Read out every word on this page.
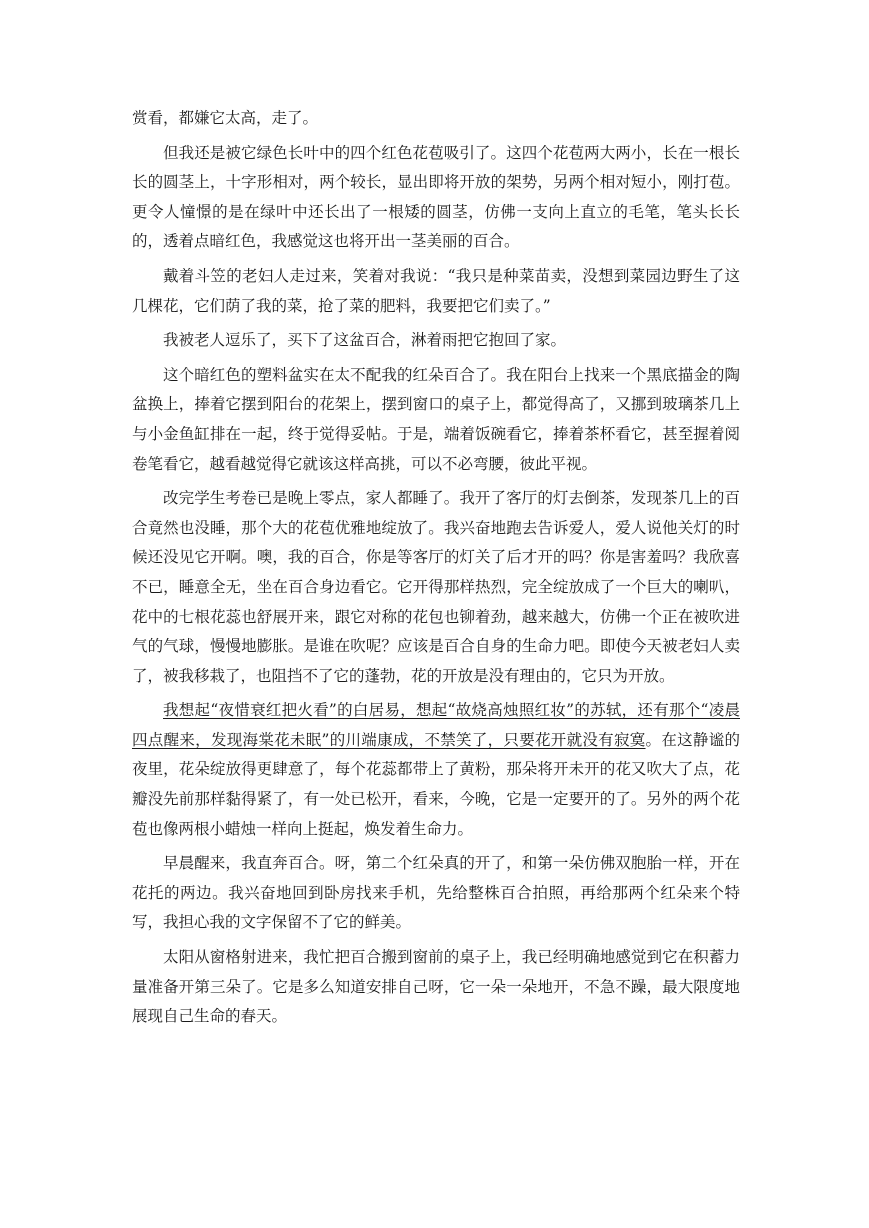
赏看，都嫌它太高，走了。

但我还是被它绿色长叶中的四个红色花苞吸引了。这四个花苞两大两小，长在一根长长的圆茎上，十字形相对，两个较长，显出即将开放的架势，另两个相对短小，刚打苞。更令人憧憬的是在绿叶中还长出了一根矮的圆茎，仿佛一支向上直立的毛笔，笔头长长的，透着点暗红色，我感觉这也将开出一茎美丽的百合。

戴着斗笠的老妇人走过来，笑着对我说：“我只是种菜苗卖，没想到菜园边野生了这几棵花，它们荫了我的菜，抢了菜的肥料，我要把它们卖了。”

我被老人逗乐了，买下了这盆百合，淋着雨把它抱回了家。

这个暗红色的塑料盆实在太不配我的红朵百合了。我在阳台上找来一个黑底描金的陶盆换上，捧着它摆到阳台的花架上，摆到窗口的桌子上，都觉得高了，又挪到玻璃茶几上与小金鱼缸排在一起，终于觉得妥帖。于是，端着饭碗看它，捧着茶杯看它，甚至握着阅卷笔看它，越看越觉得它就该这样高挑，可以不必弯腰，彼此平视。

改完学生考卷已是晚上零点，家人都睡了。我开了客厅的灯去倒茶，发现茶几上的百合竟然也没睡，那个大的花苞优雅地绽放了。我兴奋地跑去告诉爱人，爱人说他关灯的时候还没见它开啊。噢，我的百合，你是等客厅的灯关了后才开的吗？你是害羞吗？我欣喜不已，睡意全无，坐在百合身边看它。它开得那样热烈，完全绽放成了一个巨大的喇叭，花中的七根花蕊也舒展开来，跟它对称的花包也铆着劲，越来越大，仿佛一个正在被吹进气的气球，慢慢地膨胀。是谁在吹呢？应该是百合自身的生命力吧。即使今天被老妇人卖了，被我移栽了，也阻挡不了它的蓬勃，花的开放是没有理由的，它只为开放。

我想起“夜惜衰红把火看”的白居易，想起“故烧高烛照红妆”的苏轼，还有那个“凌晨四点醒来，发现海棠花未眠”的川端康成，不禁笑了，只要花开就没有寂寞。在这静谧的夜里，花朵绽放得更肆意了，每个花蕊都带上了黄粉，那朵将开未开的花又吹大了点，花瓣没先前那样黏得紧了，有一处已松开，看来，今晚，它是一定要开的了。另外的两个花苞也像两根小蜡烛一样向上挺起，焕发着生命力。

早晨醒来，我直奔百合。呀，第二个红朵真的开了，和第一朵仿佛双胞胎一样，开在花托的两边。我兴奋地回到卧房找来手机，先给整株百合拍照，再给那两个红朵来个特写，我担心我的文字保留不了它的鲜美。

太阳从窗格射进来，我忙把百合搬到窗前的桌子上，我已经明确地感觉到它在积蓄力量准备开第三朵了。它是多么知道安排自己呀，它一朵一朵地开，不急不躁，最大限度地展现自己生命的春天。
